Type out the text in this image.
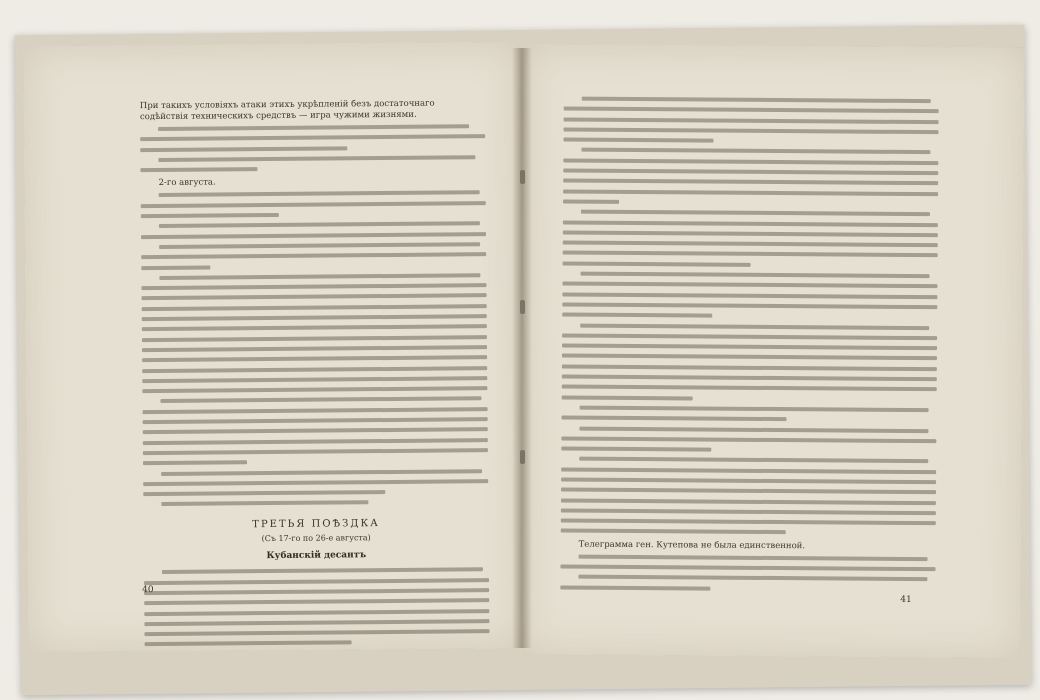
При такихъ условіяхъ атаки этихъ укрѣпленій безъ достаточнаго содѣйствія техническихъ средствъ — игра чужими жизнями.
2-го августа.
ТРЕТЬЯ ПОѢЗДКА
(Съ 17-го по 26-е августа)
Кубанскій десантъ
40
Телеграмма ген. Кутепова не была единственной.
41
